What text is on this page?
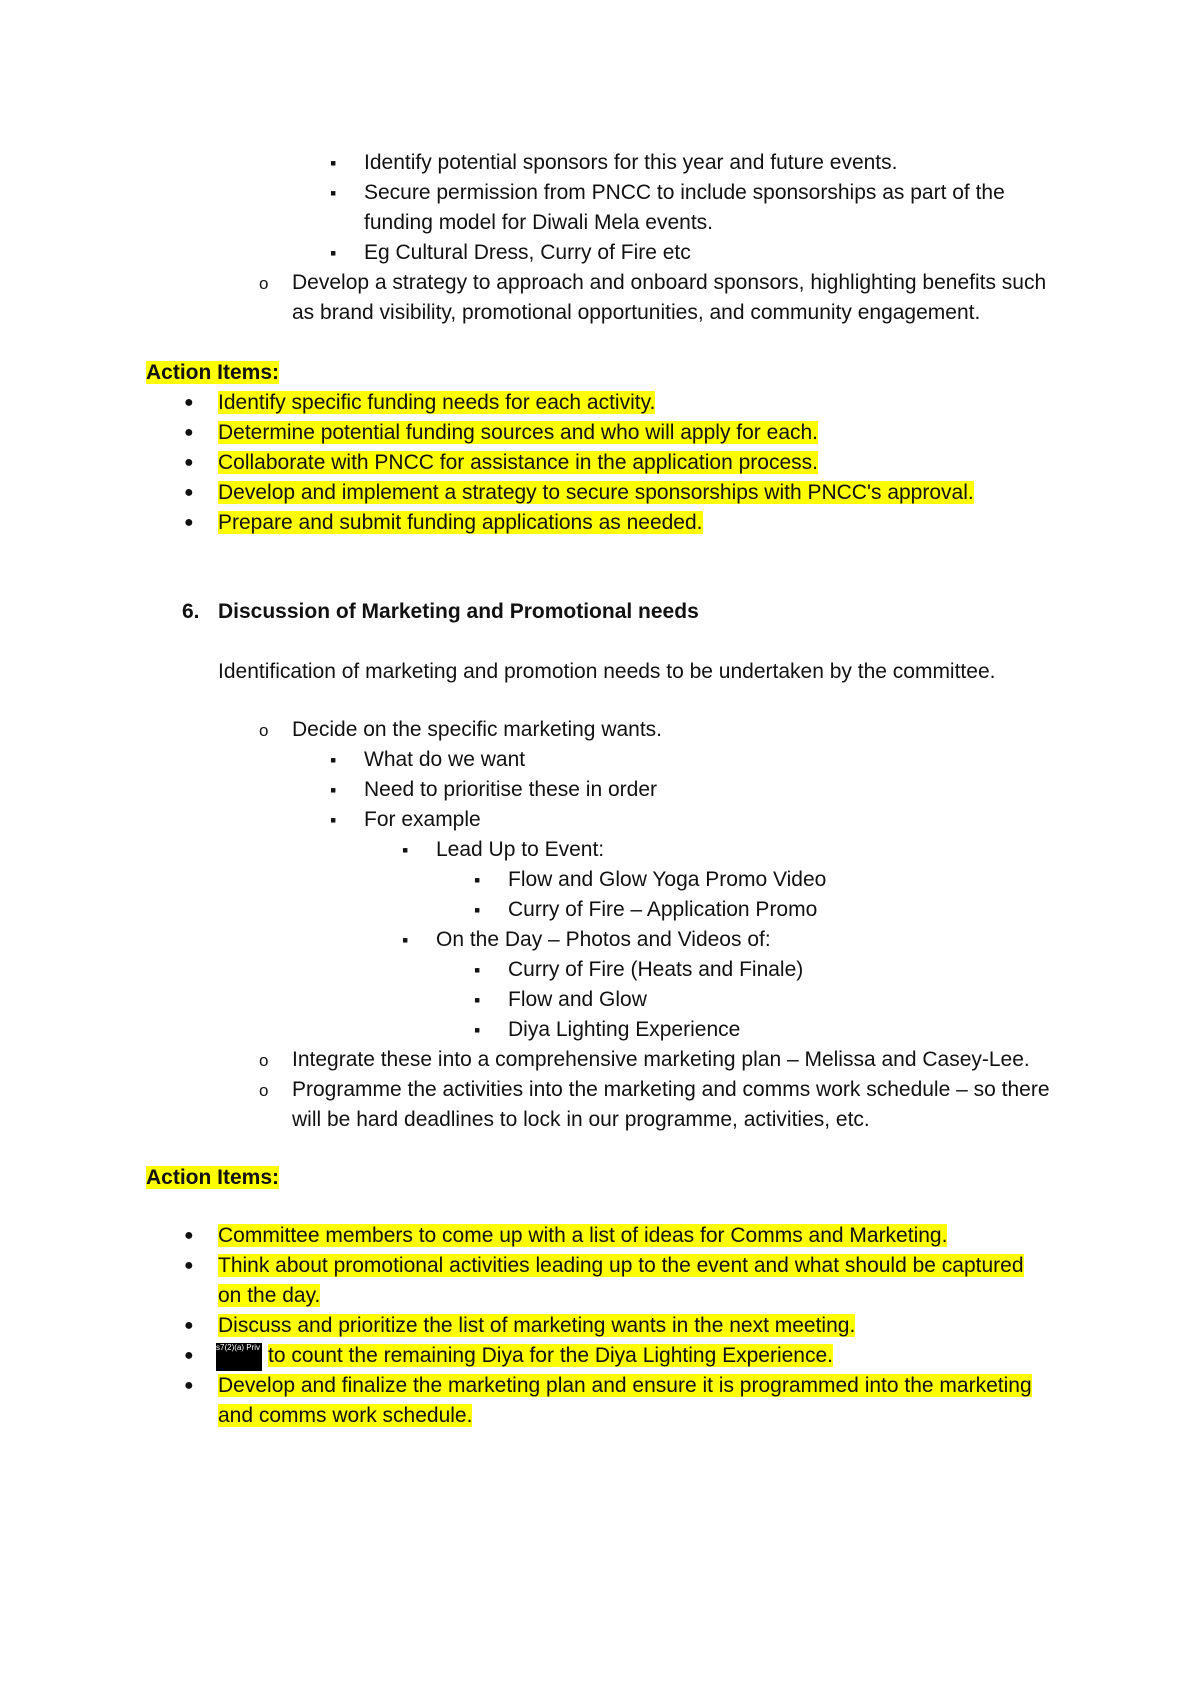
▪ Identify potential sponsors for this year and future events.
▪ Secure permission from PNCC to include sponsorships as part of the
funding model for Diwali Mela events.
▪ Eg Cultural Dress, Curry of Fire etc
o Develop a strategy to approach and onboard sponsors, highlighting benefits such
as brand visibility, promotional opportunities, and community engagement.
Action Items:
● Identify specific funding needs for each activity.
● Determine potential funding sources and who will apply for each.
● Collaborate with PNCC for assistance in the application process.
● Develop and implement a strategy to secure sponsorships with PNCC's approval.
● Prepare and submit funding applications as needed.
6. Discussion of Marketing and Promotional needs
Identification of marketing and promotion needs to be undertaken by the committee.
o Decide on the specific marketing wants.
▪ What do we want
▪ Need to prioritise these in order
▪ For example
▪ Lead Up to Event:
▪ Flow and Glow Yoga Promo Video
▪ Curry of Fire – Application Promo
▪ On the Day – Photos and Videos of:
▪ Curry of Fire (Heats and Finale)
▪ Flow and Glow
▪ Diya Lighting Experience
o Integrate these into a comprehensive marketing plan – Melissa and Casey-Lee.
o Programme the activities into the marketing and comms work schedule – so there
will be hard deadlines to lock in our programme, activities, etc.
Action Items:
● Committee members to come up with a list of ideas for Comms and Marketing.
● Think about promotional activities leading up to the event and what should be captured
on the day.
● Discuss and prioritize the list of marketing wants in the next meeting.
● to count the remaining Diya for the Diya Lighting Experience.
s7(2)(a) Priv
● Develop and finalize the marketing plan and ensure it is programmed into the marketing
and comms work schedule.
